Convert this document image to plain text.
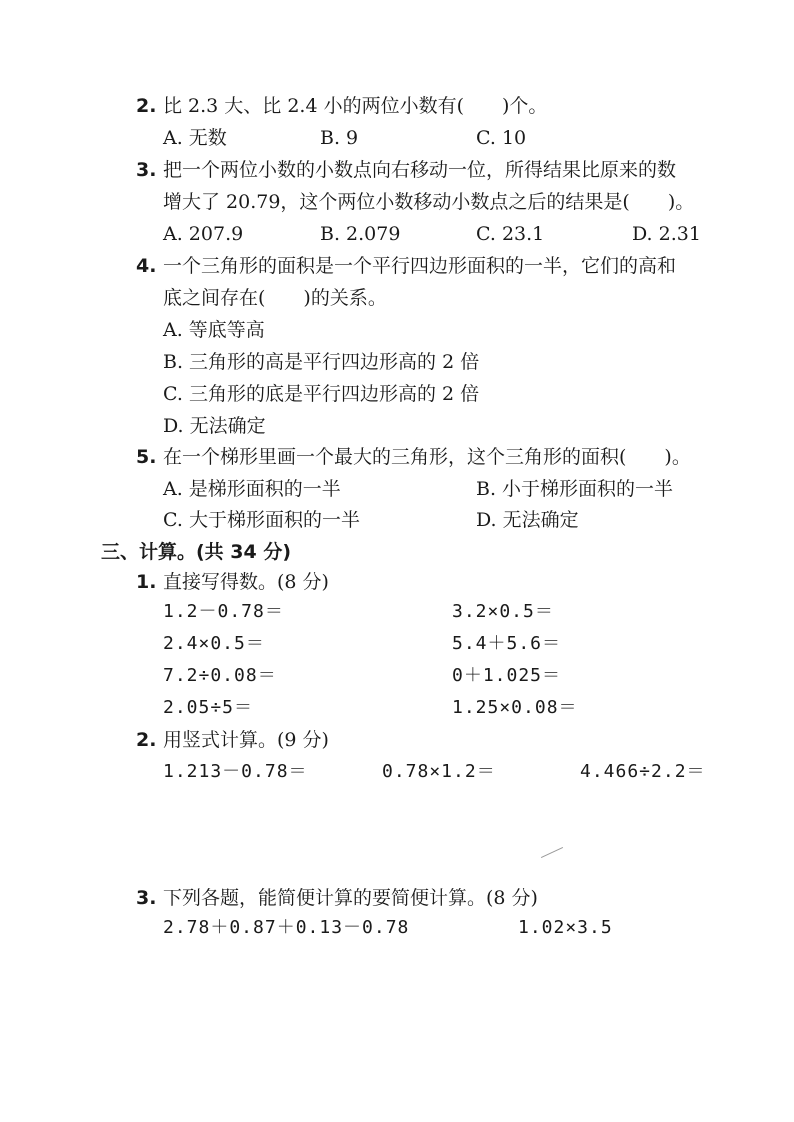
2. 比 2.3 大、比 2.4 小的两位小数有(　　)个。
A. 无数	B. 9	C. 10
3. 把一个两位小数的小数点向右移动一位，所得结果比原来的数
增大了 20.79，这个两位小数移动小数点之后的结果是(　　)。
A. 207.9	B. 2.079	C. 23.1	D. 2.31
4. 一个三角形的面积是一个平行四边形面积的一半，它们的高和
底之间存在(　　)的关系。
A. 等底等高
B. 三角形的高是平行四边形高的 2 倍
C. 三角形的底是平行四边形高的 2 倍
D. 无法确定
5. 在一个梯形里画一个最大的三角形，这个三角形的面积(　　)。
A. 是梯形面积的一半	B. 小于梯形面积的一半
C. 大于梯形面积的一半	D. 无法确定
三、计算。(共 34 分)
1. 直接写得数。(8 分)
1.2－0.78＝	3.2×0.5＝
2.4×0.5＝	5.4＋5.6＝
7.2÷0.08＝	0＋1.025＝
2.05÷5＝	1.25×0.08＝
2. 用竖式计算。(9 分)
1.213－0.78＝	0.78×1.2＝	4.466÷2.2＝
3. 下列各题，能简便计算的要简便计算。(8 分)
2.78＋0.87＋0.13－0.78	1.02×3.5
